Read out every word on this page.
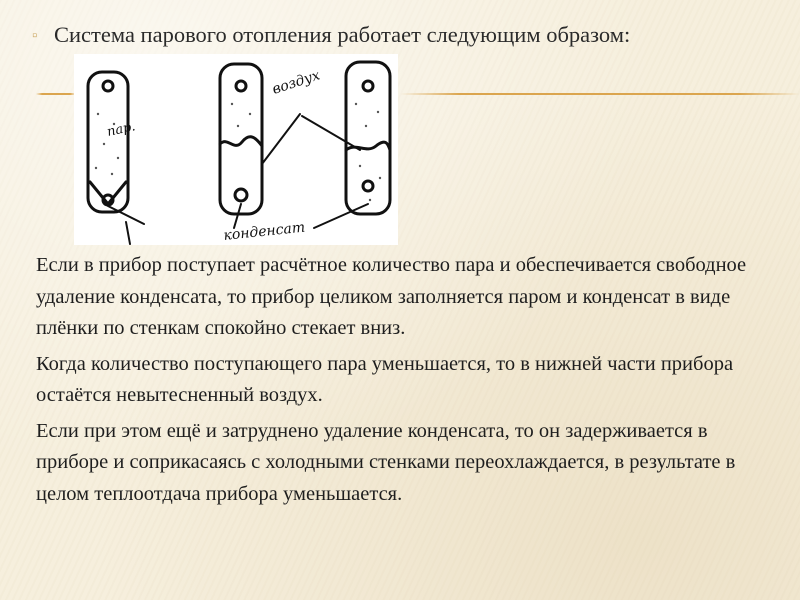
▫ Система парового отопления работает следующим образом:
пар.
воздух
конденсат

Если в прибор поступает расчётное количество пара и обеспечивается свободное удаление конденсата, то прибор целиком заполняется паром и конденсат в виде плёнки по стенкам спокойно стекает вниз.

Когда количество поступающего пара уменьшается, то в нижней части прибора остаётся невытесненный воздух.

Если при этом ещё и затруднено удаление конденсата, то он задерживается в приборе и соприкасаясь с холодными стенками переохлаждается, в результате в целом теплоотдача прибора уменьшается.
